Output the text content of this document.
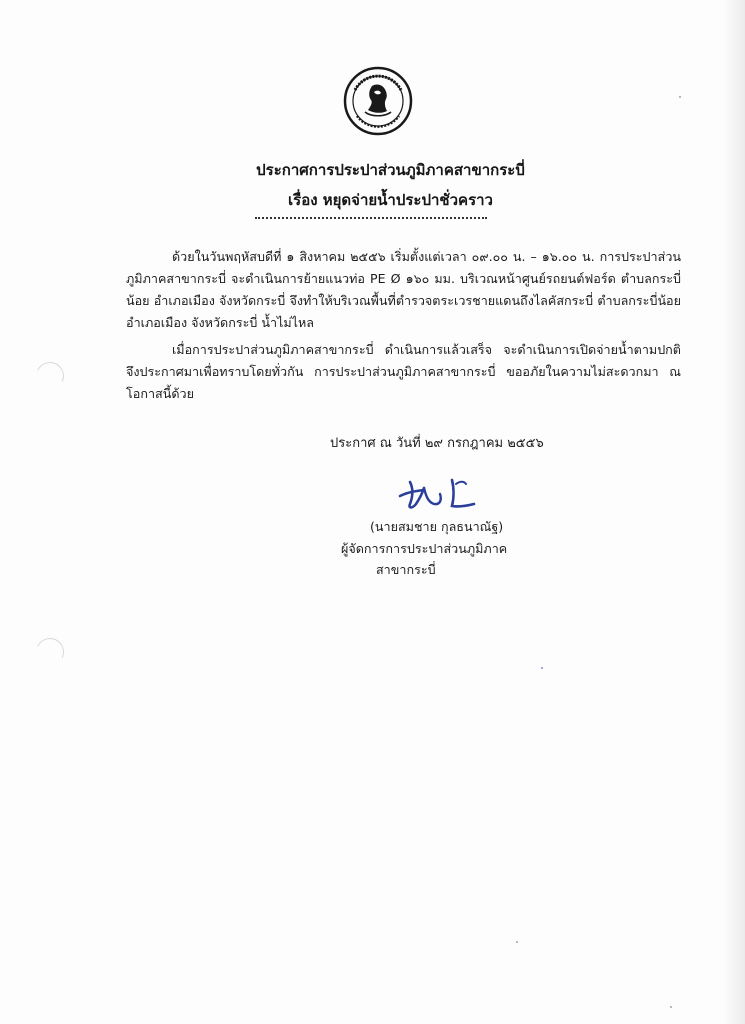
ประกาศการประปาส่วนภูมิภาคสาขากระบี่
เรื่อง หยุดจ่ายน้ำประปาชั่วคราว

ด้วยในวันพฤหัสบดีที่ ๑ สิงหาคม ๒๕๕๖ เริ่มตั้งแต่เวลา ๐๙.๐๐ น. – ๑๖.๐๐ น. การประปาส่วนภูมิภาคสาขากระบี่ จะดำเนินการย้ายแนวท่อ PE Ø ๑๖๐ มม. บริเวณหน้าศูนย์รถยนต์ฟอร์ด ตำบลกระบี่น้อย อำเภอเมือง จังหวัดกระบี่ จึงทำให้บริเวณพื้นที่ตำรวจตระเวรชายแดนถึงไลคัสกระบี่ ตำบลกระบี่น้อย อำเภอเมือง จังหวัดกระบี่ น้ำไม่ไหล

เมื่อการประปาส่วนภูมิภาคสาขากระบี่ ดำเนินการแล้วเสร็จ จะดำเนินการเปิดจ่ายน้ำตามปกติ จึงประกาศมาเพื่อทราบโดยทั่วกัน การประปาส่วนภูมิภาคสาขากระบี่ ขออภัยในความไม่สะดวกมา ณ โอกาสนี้ด้วย

ประกาศ ณ วันที่ ๒๙ กรกฎาคม ๒๕๕๖
(นายสมชาย กุลธนาณัฐ)
ผู้จัดการการประปาส่วนภูมิภาค
สาขากระบี่
